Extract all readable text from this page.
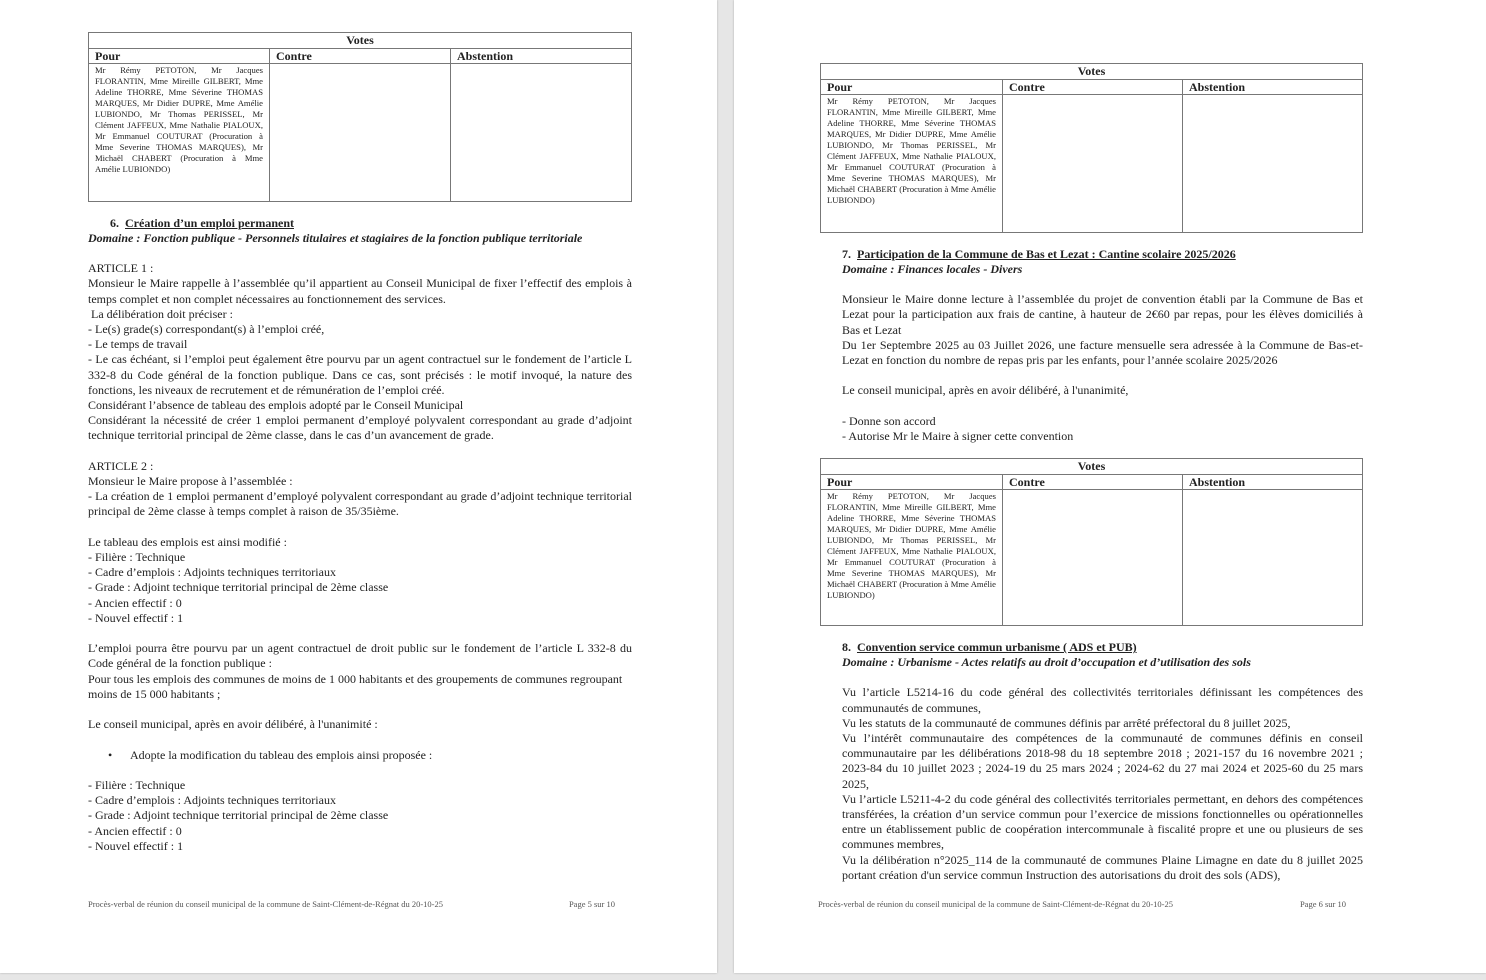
Votes		
Pour	Contre	Abstention
Mr Rémy PETOTON, Mr Jacques FLORANTIN, Mme Mireille GILBERT, Mme Adeline THORRE, Mme Séverine THOMAS MARQUES, Mr Didier DUPRE, Mme Amélie LUBIONDO, Mr Thomas PERISSEL, Mr Clément JAFFEUX, Mme Nathalie PIALOUX, Mr Emmanuel COUTURAT (Procuration à Mme Severine THOMAS MARQUES), Mr Michaël CHABERT (Procuration à Mme Amélie LUBIONDO)		

6. Création d’un emploi permanent

Domaine : Fonction publique - Personnels titulaires et stagiaires de la fonction publique territoriale

ARTICLE 1 :

Monsieur le Maire rappelle à l’assemblée qu’il appartient au Conseil Municipal de fixer l’effectif des emplois à temps complet et non complet nécessaires au fonctionnement des services.

La délibération doit préciser :

- Le(s) grade(s) correspondant(s) à l’emploi créé,

- Le temps de travail

- Le cas échéant, si l’emploi peut également être pourvu par un agent contractuel sur le fondement de l’article L 332-8 du Code général de la fonction publique. Dans ce cas, sont précisés : le motif invoqué, la nature des fonctions, les niveaux de recrutement et de rémunération de l’emploi créé.

Considérant l’absence de tableau des emplois adopté par le Conseil Municipal

Considérant la nécessité de créer 1 emploi permanent d’employé polyvalent correspondant au grade d’adjoint technique territorial principal de 2ème classe, dans le cas d’un avancement de grade.

ARTICLE 2 :

Monsieur le Maire propose à l’assemblée :

- La création de 1 emploi permanent d’employé polyvalent correspondant au grade d’adjoint technique territorial principal de 2ème classe à temps complet à raison de 35/35ième.

Le tableau des emplois est ainsi modifié :

- Filière : Technique

- Cadre d’emplois : Adjoints techniques territoriaux

- Grade : Adjoint technique territorial principal de 2ème classe

- Ancien effectif : 0

- Nouvel effectif : 1

L’emploi pourra être pourvu par un agent contractuel de droit public sur le fondement de l’article L 332-8 du Code général de la fonction publique :

Pour tous les emplois des communes de moins de 1 000 habitants et des groupements de communes regroupant moins de 15 000 habitants ;

Le conseil municipal, après en avoir délibéré, à l'unanimité :

• Adopte la modification du tableau des emplois ainsi proposée :

- Filière : Technique

- Cadre d’emplois : Adjoints techniques territoriaux

- Grade : Adjoint technique territorial principal de 2ème classe

- Ancien effectif : 0

- Nouvel effectif : 1

Procès-verbal de réunion du conseil municipal de la commune de Saint-Clément-de-Régnat du 20-10-25	Page 5 sur 10
Votes		
Pour	Contre	Abstention
Mr Rémy PETOTON, Mr Jacques FLORANTIN, Mme Mireille GILBERT, Mme Adeline THORRE, Mme Séverine THOMAS MARQUES, Mr Didier DUPRE, Mme Amélie LUBIONDO, Mr Thomas PERISSEL, Mr Clément JAFFEUX, Mme Nathalie PIALOUX, Mr Emmanuel COUTURAT (Procuration à Mme Severine THOMAS MARQUES), Mr Michaël CHABERT (Procuration à Mme Amélie LUBIONDO)		

7. Participation de la Commune de Bas et Lezat : Cantine scolaire 2025/2026

Domaine : Finances locales - Divers

Monsieur le Maire donne lecture à l’assemblée du projet de convention établi par la Commune de Bas et Lezat pour la participation aux frais de cantine, à hauteur de 2€60 par repas, pour les élèves domiciliés à Bas et Lezat

Du 1er Septembre 2025 au 03 Juillet 2026, une facture mensuelle sera adressée à la Commune de Bas-et-Lezat en fonction du nombre de repas pris par les enfants, pour l’année scolaire 2025/2026

Le conseil municipal, après en avoir délibéré, à l'unanimité,

- Donne son accord

- Autorise Mr le Maire à signer cette convention

Votes		
Pour	Contre	Abstention
Mr Rémy PETOTON, Mr Jacques FLORANTIN, Mme Mireille GILBERT, Mme Adeline THORRE, Mme Séverine THOMAS MARQUES, Mr Didier DUPRE, Mme Amélie LUBIONDO, Mr Thomas PERISSEL, Mr Clément JAFFEUX, Mme Nathalie PIALOUX, Mr Emmanuel COUTURAT (Procuration à Mme Severine THOMAS MARQUES), Mr Michaël CHABERT (Procuration à Mme Amélie LUBIONDO)		

8. Convention service commun urbanisme ( ADS et PUB)

Domaine : Urbanisme - Actes relatifs au droit d’occupation et d’utilisation des sols

Vu l’article L5214-16 du code général des collectivités territoriales définissant les compétences des communautés de communes,

Vu les statuts de la communauté de communes définis par arrêté préfectoral du 8 juillet 2025,

Vu l’intérêt communautaire des compétences de la communauté de communes définis en conseil communautaire par les délibérations 2018-98 du 18 septembre 2018 ; 2021-157 du 16 novembre 2021 ; 2023-84 du 10 juillet 2023 ; 2024-19 du 25 mars 2024 ; 2024-62 du 27 mai 2024 et 2025-60 du 25 mars 2025,

Vu l’article L5211-4-2 du code général des collectivités territoriales permettant, en dehors des compétences transférées, la création d’un service commun pour l’exercice de missions fonctionnelles ou opérationnelles entre un établissement public de coopération intercommunale à fiscalité propre et une ou plusieurs de ses communes membres,

Vu la délibération n°2025_114 de la communauté de communes Plaine Limagne en date du 8 juillet 2025 portant création d'un service commun Instruction des autorisations du droit des sols (ADS),

Procès-verbal de réunion du conseil municipal de la commune de Saint-Clément-de-Régnat du 20-10-25	Page 6 sur 10
